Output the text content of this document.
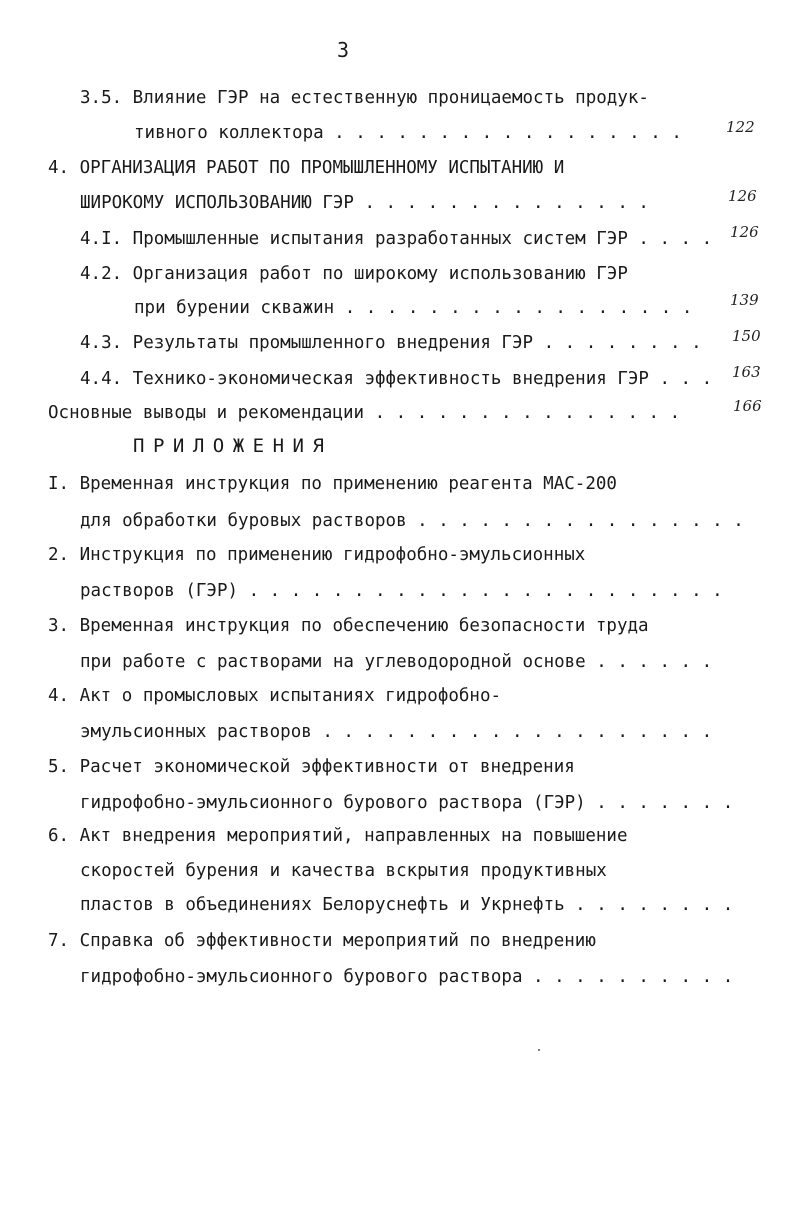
3
3.5. Влияние ГЭР на естественную проницаемость продук-
тивного коллектора . . . . . . . . . . . . . . . . .	122
4. ОРГАНИЗАЦИЯ РАБОТ ПО ПРОМЫШЛЕННОМУ ИСПЫТАНИЮ И
ШИРОКОМУ ИСПОЛЬЗОВАНИЮ ГЭР . . . . . . . . . . . . . .	126
4.I. Промышленные испытания разработанных систем ГЭР . . . . 126
4.2. Организация работ по широкому использованию ГЭР
при бурении скважин . . . . . . . . . . . . . . . . .	139
4.3. Результаты промышленного внедрения ГЭР . . . . . . . . 150
4.4. Технико-экономическая эффективность внедрения ГЭР . . . 163
Основные выводы и рекомендации . . . . . . . . . . . . . . .	166
ПРИЛОЖЕНИЯ
I. Временная инструкция по применению реагента МАС-200
для обработки буровых растворов . . . . . . . . . . . . . . . .
2. Инструкция по применению гидрофобно-эмульсионных
растворов (ГЭР) . . . . . . . . . . . . . . . . . . . . . . .
3. Временная инструкция по обеспечению безопасности труда
при работе с растворами на углеводородной основе . . . . . .
4. Акт о промысловых испытаниях гидрофобно-
эмульсионных растворов . . . . . . . . . . . . . . . . . . .
5. Расчет экономической эффективности от внедрения
гидрофобно-эмульсионного бурового раствора (ГЭР) . . . . . . .
6. Акт внедрения мероприятий, направленных на повышение
скоростей бурения и качества вскрытия продуктивных
пластов в объединениях Белоруснефть и Укрнефть . . . . . . . .
7. Справка об эффективности мероприятий по внедрению
гидрофобно-эмульсионного бурового раствора . . . . . . . . . .
